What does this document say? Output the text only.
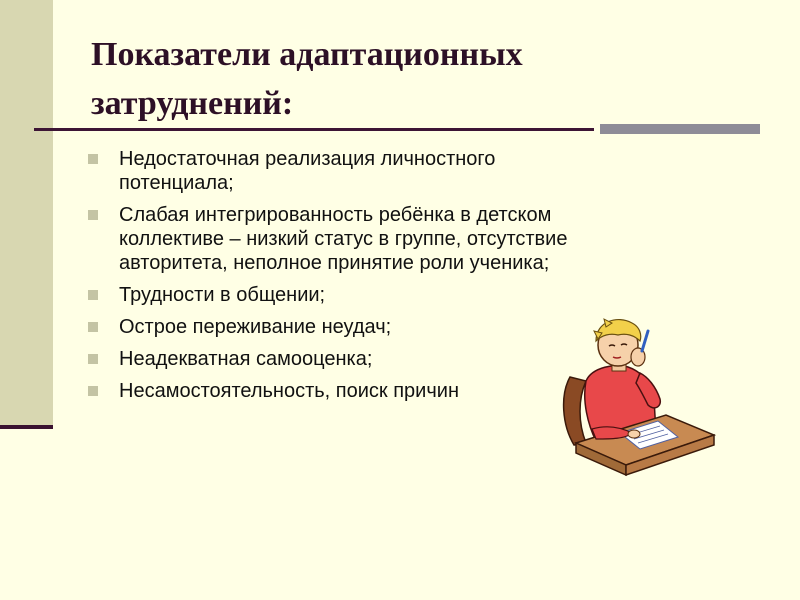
Показатели адаптационных
затруднений:
Недостаточная реализация личностного
потенциала;
Слабая интегрированность ребёнка в детском
коллективе – низкий статус в группе, отсутствие
авторитета, неполное принятие роли ученика;
Трудности в общении;
Острое переживание неудач;
Неадекватная самооценка;
Несамостоятельность, поиск причин
